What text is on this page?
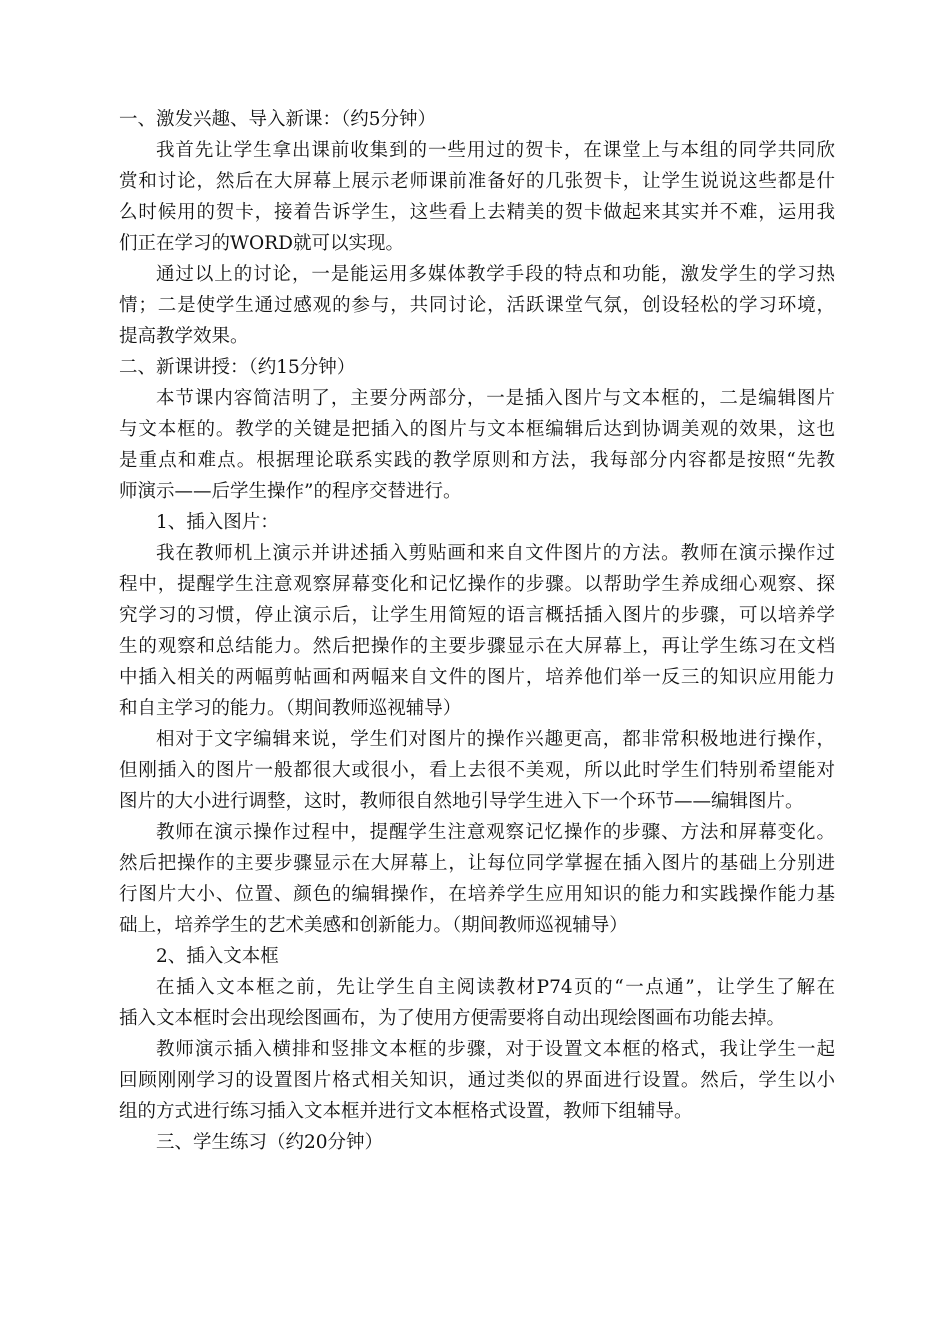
一、激发兴趣、导入新课：（约5分钟）
我首先让学生拿出课前收集到的一些用过的贺卡，在课堂上与本组的同学共同欣
赏和讨论，然后在大屏幕上展示老师课前准备好的几张贺卡，让学生说说这些都是什
么时候用的贺卡，接着告诉学生，这些看上去精美的贺卡做起来其实并不难，运用我
们正在学习的WORD就可以实现。
通过以上的讨论，一是能运用多媒体教学手段的特点和功能，激发学生的学习热
情；二是使学生通过感观的参与，共同讨论，活跃课堂气氛，创设轻松的学习环境，
提高教学效果。
二、新课讲授：（约15分钟）
本节课内容简洁明了，主要分两部分，一是插入图片与文本框的，二是编辑图片
与文本框的。教学的关键是把插入的图片与文本框编辑后达到协调美观的效果，这也
是重点和难点。根据理论联系实践的教学原则和方法，我每部分内容都是按照“先教
师演示——后学生操作”的程序交替进行。
1、插入图片：
我在教师机上演示并讲述插入剪贴画和来自文件图片的方法。教师在演示操作过
程中，提醒学生注意观察屏幕变化和记忆操作的步骤。以帮助学生养成细心观察、探
究学习的习惯，停止演示后，让学生用简短的语言概括插入图片的步骤，可以培养学
生的观察和总结能力。然后把操作的主要步骤显示在大屏幕上，再让学生练习在文档
中插入相关的两幅剪帖画和两幅来自文件的图片，培养他们举一反三的知识应用能力
和自主学习的能力。（期间教师巡视辅导）
相对于文字编辑来说，学生们对图片的操作兴趣更高，都非常积极地进行操作，
但刚插入的图片一般都很大或很小，看上去很不美观，所以此时学生们特别希望能对
图片的大小进行调整，这时，教师很自然地引导学生进入下一个环节——编辑图片。
教师在演示操作过程中，提醒学生注意观察记忆操作的步骤、方法和屏幕变化。
然后把操作的主要步骤显示在大屏幕上，让每位同学掌握在插入图片的基础上分别进
行图片大小、位置、颜色的编辑操作，在培养学生应用知识的能力和实践操作能力基
础上，培养学生的艺术美感和创新能力。（期间教师巡视辅导）
2、插入文本框
在插入文本框之前，先让学生自主阅读教材P74页的“一点通”，让学生了解在
插入文本框时会出现绘图画布，为了使用方便需要将自动出现绘图画布功能去掉。
教师演示插入横排和竖排文本框的步骤，对于设置文本框的格式，我让学生一起
回顾刚刚学习的设置图片格式相关知识，通过类似的界面进行设置。然后，学生以小
组的方式进行练习插入文本框并进行文本框格式设置，教师下组辅导。
三、学生练习（约20分钟）
